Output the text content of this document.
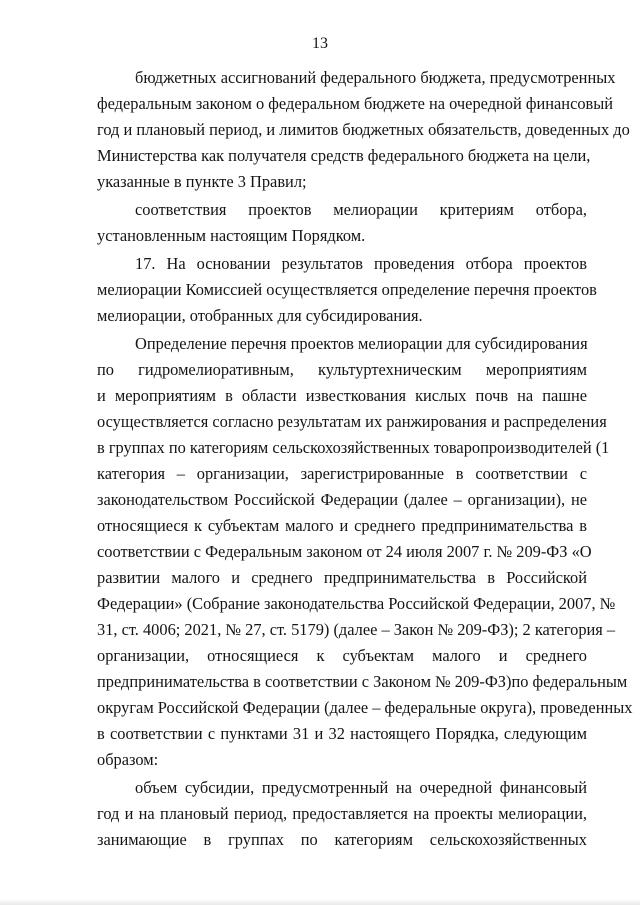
13
бюджетных ассигнований федерального бюджета, предусмотренных
федеральным законом о федеральном бюджете на очередной финансовый
год и плановый период, и лимитов бюджетных обязательств, доведенных до
Министерства как получателя средств федерального бюджета на цели,
указанные в пункте 3 Правил;
соответствия проектов мелиорации критериям отбора,
установленным настоящим Порядком.
17. На основании результатов проведения отбора проектов
мелиорации Комиссией осуществляется определение перечня проектов
мелиорации, отобранных для субсидирования.
Определение перечня проектов мелиорации для субсидирования
по гидромелиоративным, культуртехническим мероприятиям
и мероприятиям в области известкования кислых почв на пашне
осуществляется согласно результатам их ранжирования и распределения
в группах по категориям сельскохозяйственных товаропроизводителей (1
категория – организации, зарегистрированные в соответствии с
законодательством Российской Федерации (далее – организации), не
относящиеся к субъектам малого и среднего предпринимательства в
соответствии с Федеральным законом от 24 июля 2007 г. № 209-ФЗ «О
развитии малого и среднего предпринимательства в Российской
Федерации» (Собрание законодательства Российской Федерации, 2007, №
31, ст. 4006; 2021, № 27, ст. 5179) (далее – Закон № 209-ФЗ); 2 категория –
организации, относящиеся к субъектам малого и среднего
предпринимательства в соответствии с Законом № 209-ФЗ)по федеральным
округам Российской Федерации (далее – федеральные округа), проведенных
в соответствии с пунктами 31 и 32 настоящего Порядка, следующим
образом:
объем субсидии, предусмотренный на очередной финансовый
год и на плановый период, предоставляется на проекты мелиорации,
занимающие в группах по категориям сельскохозяйственных
